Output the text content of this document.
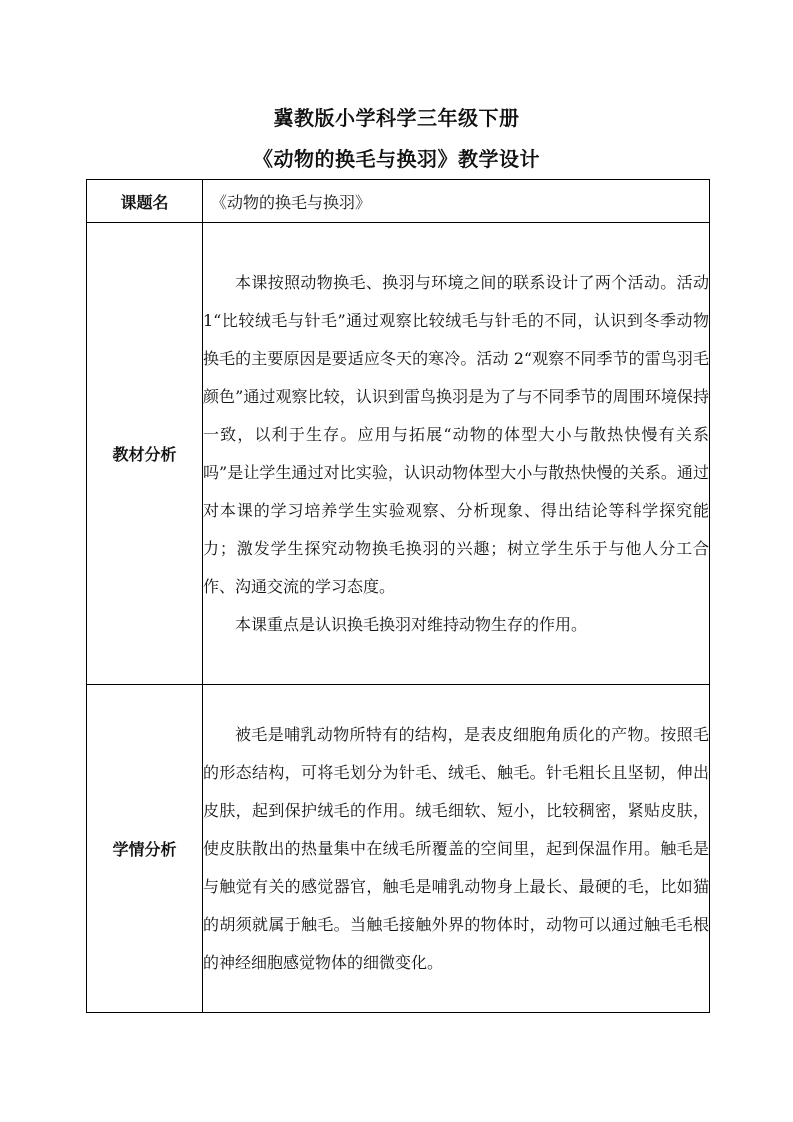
冀教版小学科学三年级下册
《动物的换毛与换羽》教学设计
课题名	《动物的换毛与换羽》
教材分析	本课按照动物换毛、换羽与环境之间的联系设计了两个活动。活动 1“比较绒毛与针毛”通过观察比较绒毛与针毛的不同，认识到冬季动物换毛的主要原因是要适应冬天的寒冷。活动 2“观察不同季节的雷鸟羽毛颜色”通过观察比较，认识到雷鸟换羽是为了与不同季节的周围环境保持一致，以利于生存。应用与拓展“动物的体型大小与散热快慢有关系吗”是让学生通过对比实验，认识动物体型大小与散热快慢的关系。通过对本课的学习培养学生实验观察、分析现象、得出结论等科学探究能力；激发学生探究动物换毛换羽的兴趣；树立学生乐于与他人分工合作、沟通交流的学习态度。

本课重点是认识换毛换羽对维持动物生存的作用。

学情分析	被毛是哺乳动物所特有的结构，是表皮细胞角质化的产物。按照毛的形态结构，可将毛划分为针毛、绒毛、触毛。针毛粗长且坚韧，伸出皮肤，起到保护绒毛的作用。绒毛细软、短小，比较稠密，紧贴皮肤，使皮肤散出的热量集中在绒毛所覆盖的空间里，起到保温作用。触毛是与触觉有关的感觉器官，触毛是哺乳动物身上最长、最硬的毛，比如猫的胡须就属于触毛。当触毛接触外界的物体时，动物可以通过触毛毛根的神经细胞感觉物体的细微变化。
